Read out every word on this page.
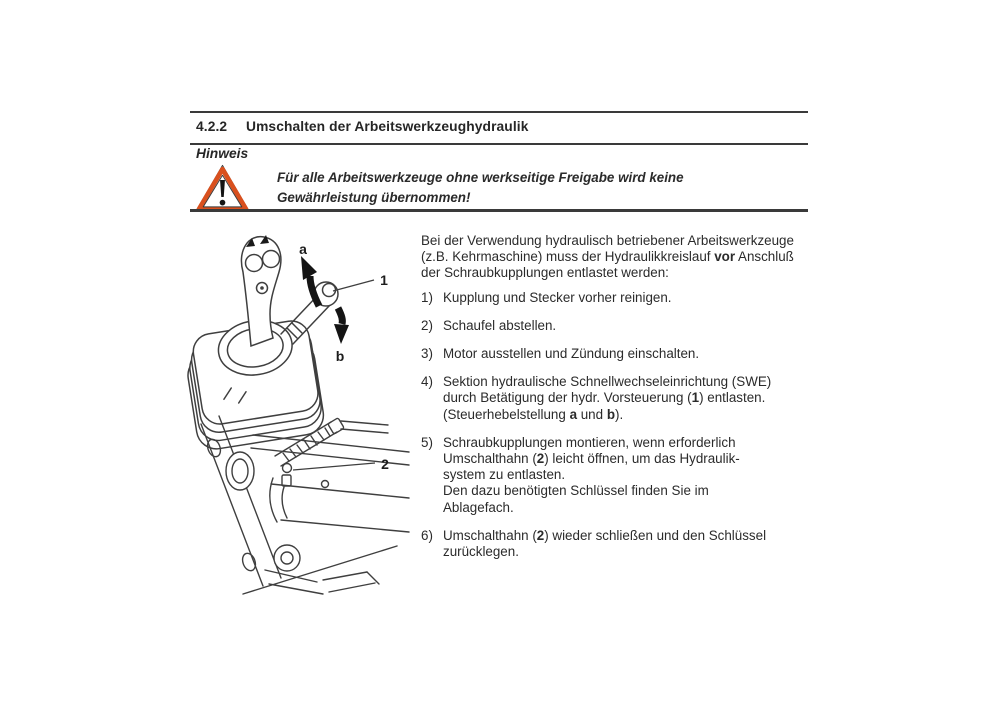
4.2.2	Umschalten der Arbeitswerkzeughydraulik
Hinweis
Für alle Arbeitswerkzeuge ohne werkseitige Freigabe wird keine
Gewährleistung übernommen!
a
b
1
2
Bei der Verwendung hydraulisch betriebener Arbeitswerkzeuge
(z.B. Kehrmaschine) muss der Hydraulikkreislauf vor Anschluß
der Schraubkupplungen entlastet werden:
1) Kupplung und Stecker vorher reinigen.
2) Schaufel abstellen.
3) Motor ausstellen und Zündung einschalten.
4) Sektion hydraulische Schnellwechseleinrichtung (SWE)
durch Betätigung der hydr. Vorsteuerung (1) entlasten.
(Steuerhebelstellung a und b).
5) Schraubkupplungen montieren, wenn erforderlich
Umschalthahn (2) leicht öffnen, um das Hydraulik-
system zu entlasten.
Den dazu benötigten Schlüssel finden Sie im
Ablagefach.
6) Umschalthahn (2) wieder schließen und den Schlüssel
zurücklegen.
